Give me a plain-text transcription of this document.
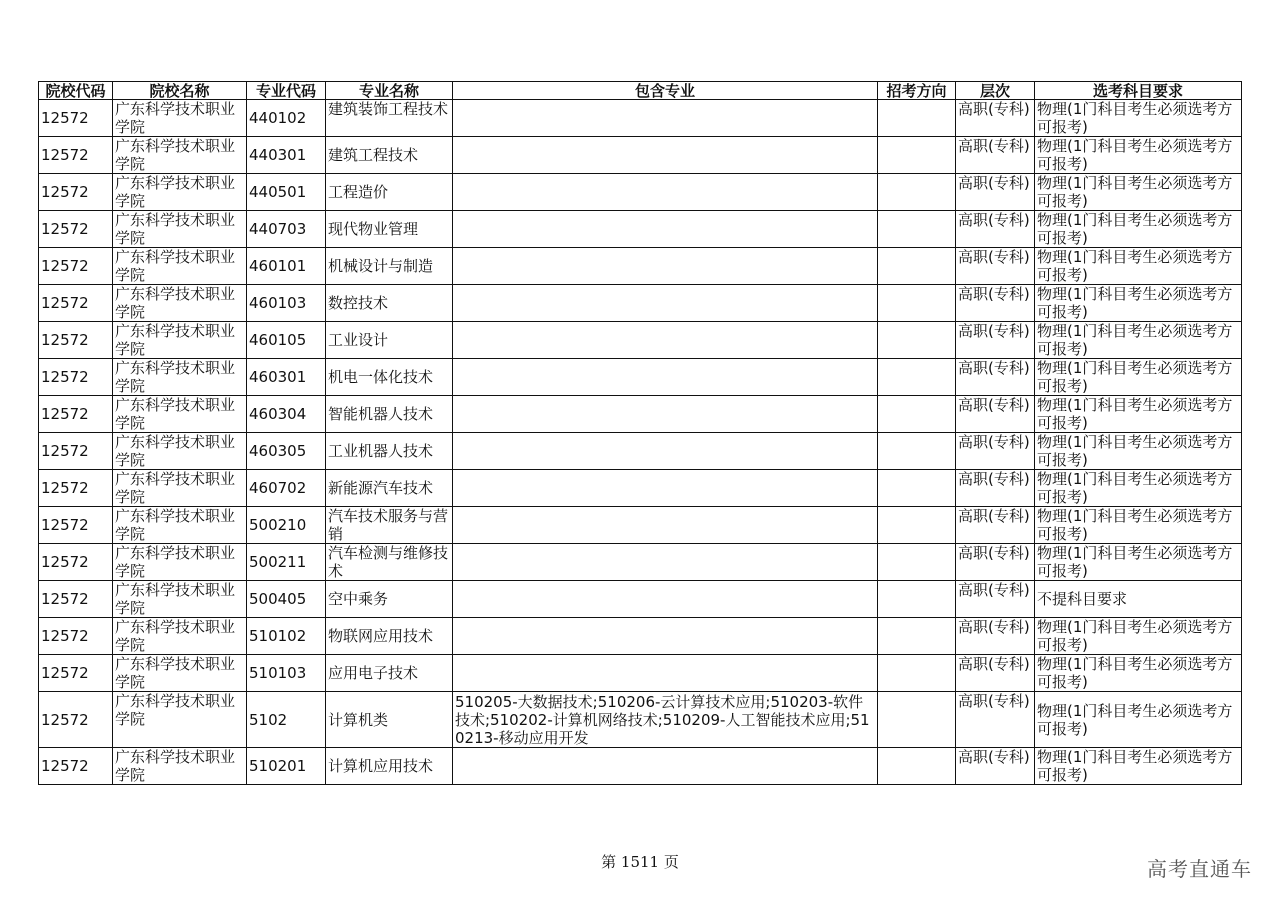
院校代码	院校名称	专业代码	专业名称	包含专业	招考方向	层次	选考科目要求
12572	广东科学技术职业学院	440102	建筑装饰工程技术			高职(专科)	物理(1门科目考生必须选考方可报考)
12572	广东科学技术职业学院	440301	建筑工程技术			高职(专科)	物理(1门科目考生必须选考方可报考)
12572	广东科学技术职业学院	440501	工程造价			高职(专科)	物理(1门科目考生必须选考方可报考)
12572	广东科学技术职业学院	440703	现代物业管理			高职(专科)	物理(1门科目考生必须选考方可报考)
12572	广东科学技术职业学院	460101	机械设计与制造			高职(专科)	物理(1门科目考生必须选考方可报考)
12572	广东科学技术职业学院	460103	数控技术			高职(专科)	物理(1门科目考生必须选考方可报考)
12572	广东科学技术职业学院	460105	工业设计			高职(专科)	物理(1门科目考生必须选考方可报考)
12572	广东科学技术职业学院	460301	机电一体化技术			高职(专科)	物理(1门科目考生必须选考方可报考)
12572	广东科学技术职业学院	460304	智能机器人技术			高职(专科)	物理(1门科目考生必须选考方可报考)
12572	广东科学技术职业学院	460305	工业机器人技术			高职(专科)	物理(1门科目考生必须选考方可报考)
12572	广东科学技术职业学院	460702	新能源汽车技术			高职(专科)	物理(1门科目考生必须选考方可报考)
12572	广东科学技术职业学院	500210	汽车技术服务与营销			高职(专科)	物理(1门科目考生必须选考方可报考)
12572	广东科学技术职业学院	500211	汽车检测与维修技术			高职(专科)	物理(1门科目考生必须选考方可报考)
12572	广东科学技术职业学院	500405	空中乘务			高职(专科)	不提科目要求
12572	广东科学技术职业学院	510102	物联网应用技术			高职(专科)	物理(1门科目考生必须选考方可报考)
12572	广东科学技术职业学院	510103	应用电子技术			高职(专科)	物理(1门科目考生必须选考方可报考)
12572	广东科学技术职业学院	5102	计算机类	510205-大数据技术;510206-云计算技术应用;510203-软件技术;510202-计算机网络技术;510209-人工智能技术应用;510213-移动应用开发		高职(专科)	物理(1门科目考生必须选考方可报考)
12572	广东科学技术职业学院	510201	计算机应用技术			高职(专科)	物理(1门科目考生必须选考方可报考)
第 1511 页	高考直通车
